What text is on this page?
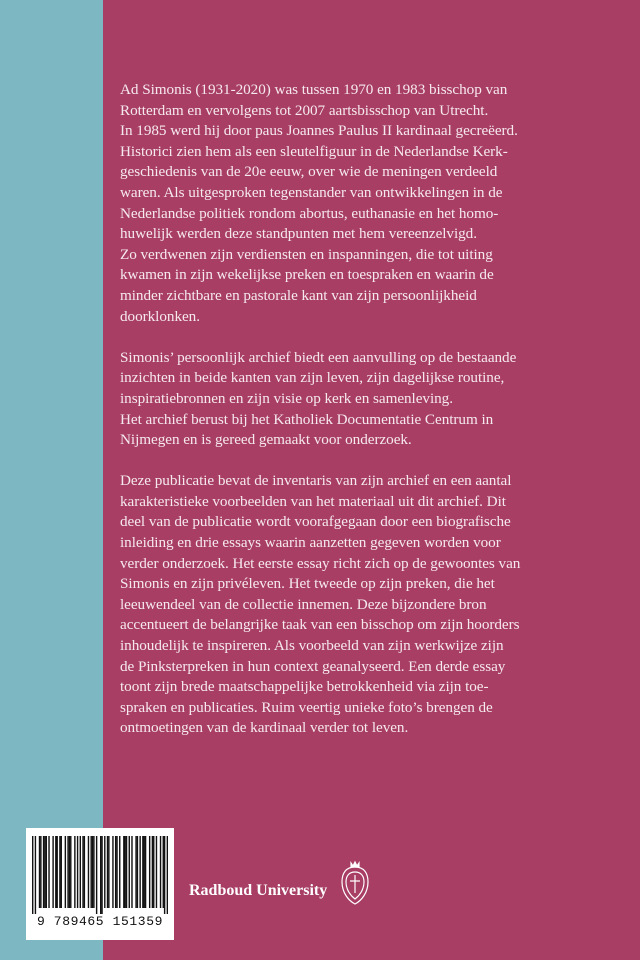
Ad Simonis (1931-2020) was tussen 1970 en 1983 bisschop van
Rotterdam en vervolgens tot 2007 aartsbisschop van Utrecht.
In 1985 werd hij door paus Joannes Paulus II kardinaal gecreëerd.
Historici zien hem als een sleutelfiguur in de Nederlandse Kerk-
geschiedenis van de 20e eeuw, over wie de meningen verdeeld
waren. Als uitgesproken tegenstander van ontwikkelingen in de
Nederlandse politiek rondom abortus, euthanasie en het homo-
huwelijk werden deze standpunten met hem vereenzelvigd.
Zo verdwenen zijn verdiensten en inspanningen, die tot uiting
kwamen in zijn wekelijkse preken en toespraken en waarin de
minder zichtbare en pastorale kant van zijn persoonlijkheid
doorklonken.

Simonis’ persoonlijk archief biedt een aanvulling op de bestaande
inzichten in beide kanten van zijn leven, zijn dagelijkse routine,
inspiratiebronnen en zijn visie op kerk en samenleving.
Het archief berust bij het Katholiek Documentatie Centrum in
Nijmegen en is gereed gemaakt voor onderzoek.

Deze publicatie bevat de inventaris van zijn archief en een aantal
karakteristieke voorbeelden van het materiaal uit dit archief. Dit
deel van de publicatie wordt voorafgegaan door een biografische
inleiding en drie essays waarin aanzetten gegeven worden voor
verder onderzoek. Het eerste essay richt zich op de gewoontes van
Simonis en zijn privéleven. Het tweede op zijn preken, die het
leeuwendeel van de collectie innemen. Deze bijzondere bron
accentueert de belangrijke taak van een bisschop om zijn hoorders
inhoudelijk te inspireren. Als voorbeeld van zijn werkwijze zijn
de Pinksterpreken in hun context geanalyseerd. Een derde essay
toont zijn brede maatschappelijke betrokkenheid via zijn toe-
spraken en publicaties. Ruim veertig unieke foto’s brengen de
ontmoetingen van de kardinaal verder tot leven.

9 789465 151359
Radboud University
